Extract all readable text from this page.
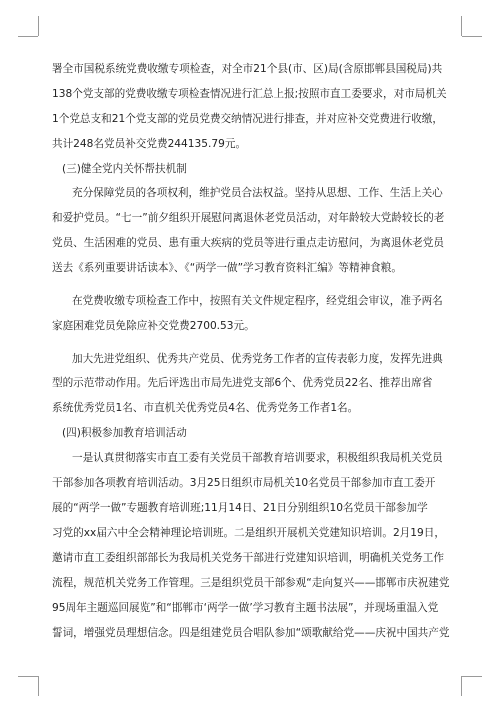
署全市国税系统党费收缴专项检查，对全市21个县(市、区)局(含原邯郸县国税局)共
138个党支部的党费收缴专项检查情况进行汇总上报;按照市直工委要求，对市局机关
1个党总支和21个党支部的党员党费交纳情况进行排查，并对应补交党费进行收缴，
共计248名党员补交党费244135.79元。
(三)健全党内关怀帮扶机制
充分保障党员的各项权利，维护党员合法权益。坚持从思想、工作、生活上关心
和爱护党员。“七一”前夕组织开展慰问离退休老党员活动，对年龄较大党龄较长的老
党员、生活困难的党员、患有重大疾病的党员等进行重点走访慰问，为离退休老党员
送去《系列重要讲话读本》、《“两学一做”学习教育资料汇编》等精神食粮。
在党费收缴专项检查工作中，按照有关文件规定程序，经党组会审议，准予两名
家庭困难党员免除应补交党费2700.53元。
加大先进党组织、优秀共产党员、优秀党务工作者的宣传表彰力度，发挥先进典
型的示范带动作用。先后评选出市局先进党支部6个、优秀党员22名、推荐出席省
系统优秀党员1名、市直机关优秀党员4名、优秀党务工作者1名。
(四)积极参加教育培训活动
一是认真贯彻落实市直工委有关党员干部教育培训要求，积极组织我局机关党员
干部参加各项教育培训活动。3月25日组织市局机关10名党员干部参加市直工委开
展的“两学一做”专题教育培训班;11月14日、21日分别组织10名党员干部参加学
习党的xx届六中全会精神理论培训班。二是组织开展机关党建知识培训。2月19日，
邀请市直工委组织部部长为我局机关党务干部进行党建知识培训，明确机关党务工作
流程，规范机关党务工作管理。三是组织党员干部参观“走向复兴——邯郸市庆祝建党
95周年主题巡回展览”和“邯郸市‘两学一做’学习教育主题书法展”，并现场重温入党
誓词，增强党员理想信念。四是组建党员合唱队参加“颂歌献给党——庆祝中国共产党
